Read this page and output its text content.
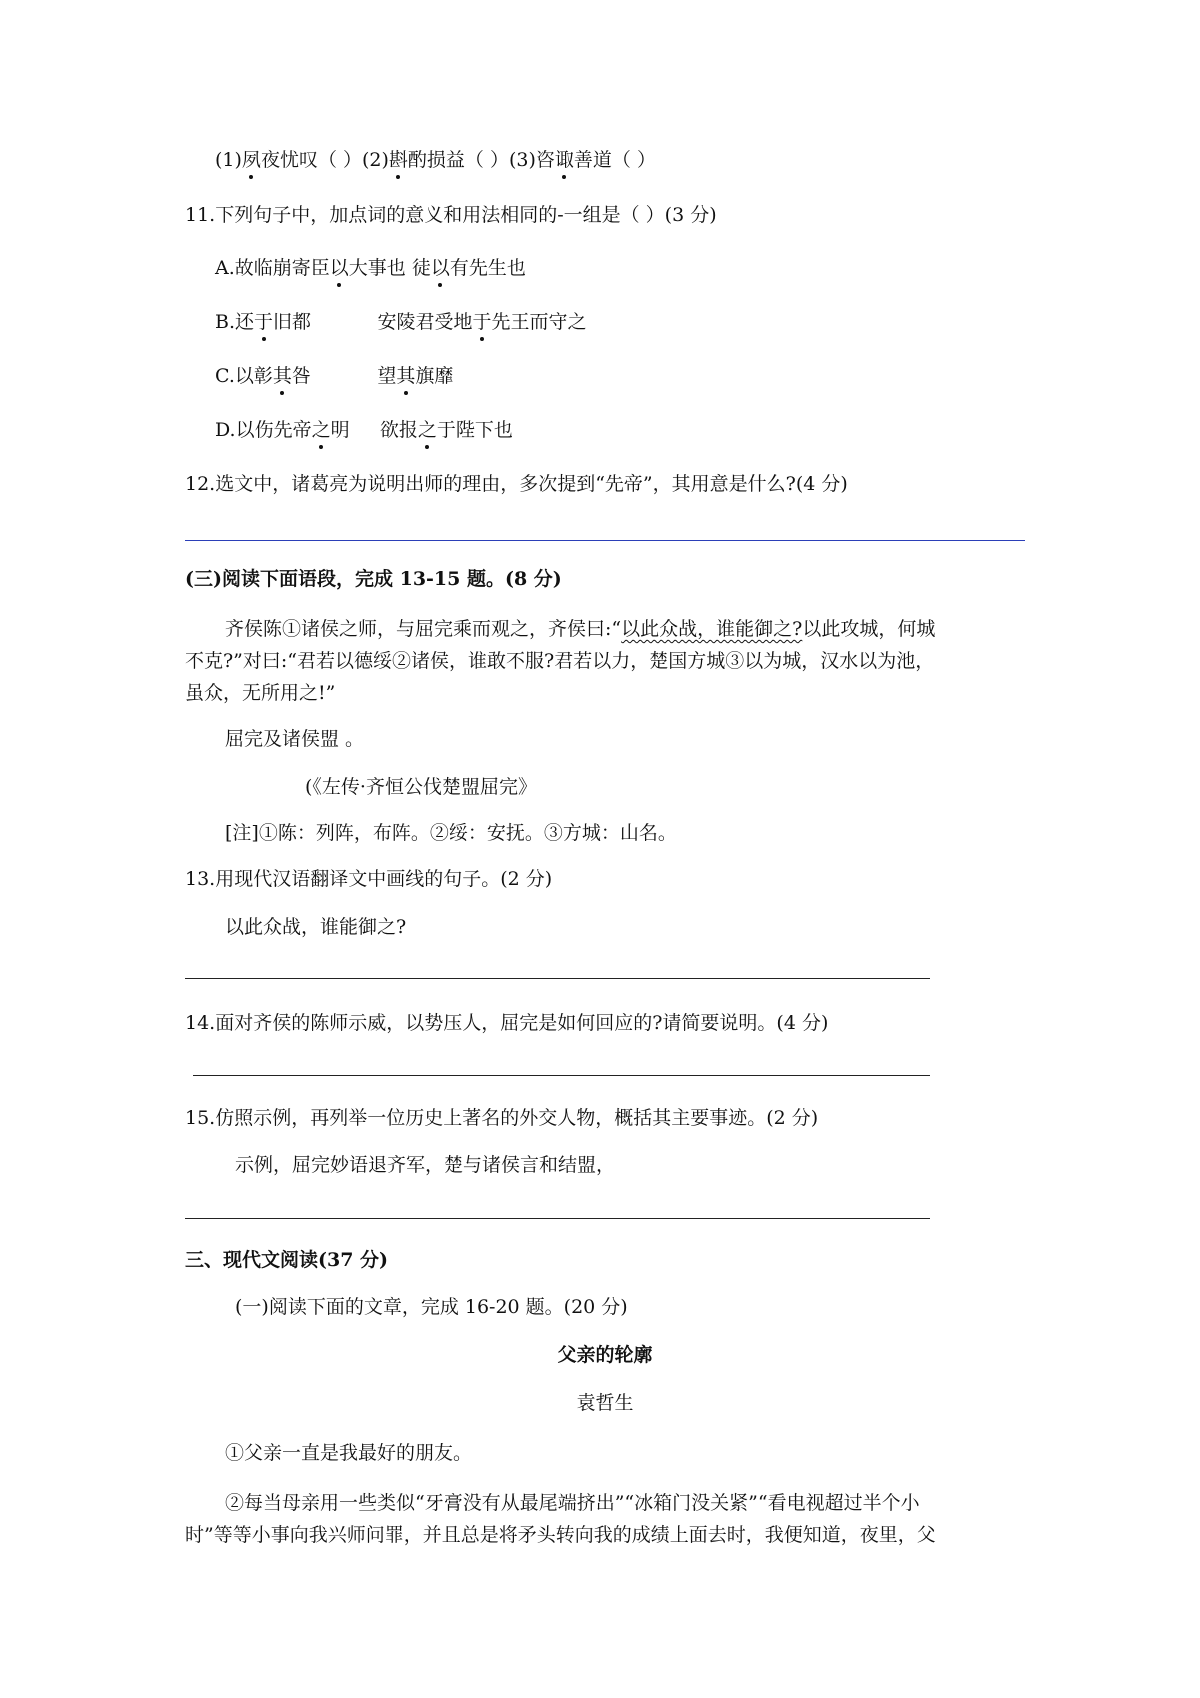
(1)夙夜忧叹（ ）(2)斟酌损益（ ）(3)咨诹善道（ ）
11.下列句子中，加点词的意义和用法相同的-一组是（ ）(3 分)
A.故临崩寄臣以大事也 徒以有先生也
B.还于旧都           安陵君受地于先王而守之
C.以彰其咎           望其旗靡
D.以伤先帝之明     欲报之于陛下也
12.选文中，诸葛亮为说明出师的理由，多次提到“先帝”，其用意是什么?(4 分)
(三)阅读下面语段，完成 13-15 题。(8 分)
齐侯陈①诸侯之师，与屈完乘而观之，齐侯曰:“以此众战，谁能御之?以此攻城，何城
不克?”对曰:“君若以德绥②诸侯，谁敢不服?君若以力，楚国方城③以为城，汉水以为池，
虽众，无所用之!”
屈完及诸侯盟 。
(《左传·齐恒公伐楚盟屈完》
[注]①陈：列阵，布阵。②绥：安抚。③方城：山名。
13.用现代汉语翻译文中画线的句子。(2 分)
以此众战，谁能御之?
14.面对齐侯的陈师示威，以势压人，屈完是如何回应的?请简要说明。(4 分)
15.仿照示例，再列举一位历史上著名的外交人物，概括其主要事迹。(2 分)
示例，屈完妙语退齐军，楚与诸侯言和结盟，
三、现代文阅读(37 分)
(一)阅读下面的文章，完成 16-20 题。(20 分)
父亲的轮廓
袁哲生
①父亲一直是我最好的朋友。
②每当母亲用一些类似“牙膏没有从最尾端挤出”“冰箱门没关紧”“看电视超过半个小
时”等等小事向我兴师问罪，并且总是将矛头转向我的成绩上面去时，我便知道，夜里，父
